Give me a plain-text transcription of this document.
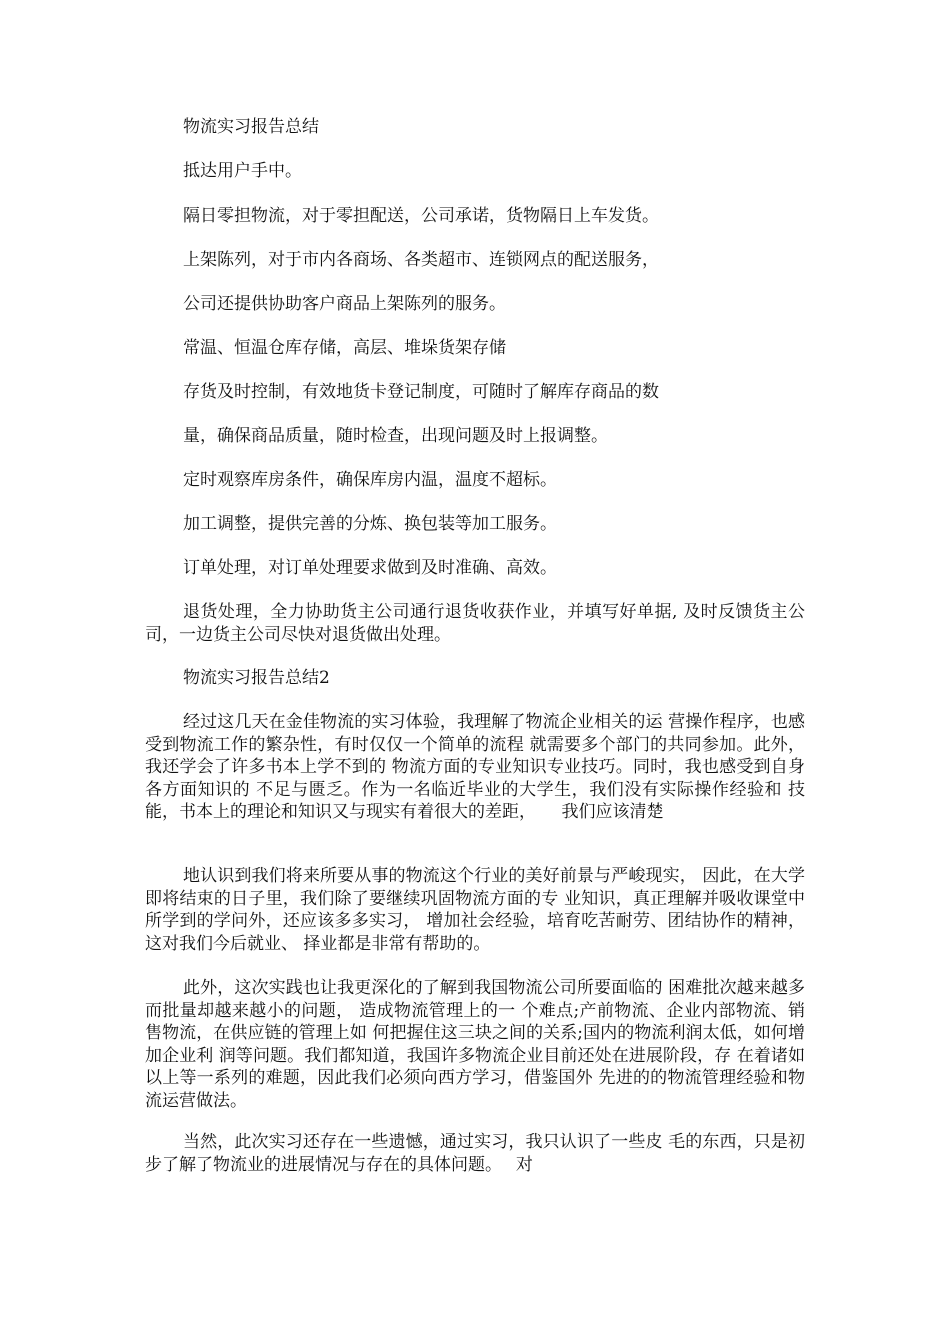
物流实习报告总结
抵达用户手中。
隔日零担物流，对于零担配送，公司承诺，货物隔日上车发货。
上架陈列，对于市内各商场、各类超市、连锁网点的配送服务，
公司还提供协助客户商品上架陈列的服务。
常温、恒温仓库存储，高层、堆垛货架存储
存货及时控制，有效地货卡登记制度，可随时了解库存商品的数
量，确保商品质量，随时检查，出现问题及时上报调整。
定时观察库房条件，确保库房内温，温度不超标。
加工调整，提供完善的分炼、换包装等加工服务。
订单处理，对订单处理要求做到及时准确、高效。
退货处理，全力协助货主公司通行退货收获作业，并填写好单据, 及时反馈货主公司，一边货主公司尽快对退货做出处理。
物流实习报告总结2
经过这几天在金佳物流的实习体验，我理解了物流企业相关的运 营操作程序，也感受到物流工作的繁杂性，有时仅仅一个简单的流程 就需要多个部门的共同参加。此外，我还学会了许多书本上学不到的 物流方面的专业知识专业技巧。同时，我也感受到自身各方面知识的 不足与匮乏。作为一名临近毕业的大学生，我们没有实际操作经验和 技能，书本上的理论和知识又与现实有着很大的差距，　　我们应该清楚
地认识到我们将来所要从事的物流这个行业的美好前景与严峻现实， 因此，在大学即将结束的日子里，我们除了要继续巩固物流方面的专 业知识，真正理解并吸收课堂中所学到的学问外，还应该多多实习， 增加社会经验，培育吃苦耐劳、团结协作的精神，这对我们今后就业、 择业都是非常有帮助的。
此外，这次实践也让我更深化的了解到我国物流公司所要面临的 困难批次越来越多而批量却越来越小的问题， 造成物流管理上的一 个难点;产前物流、企业内部物流、销售物流，在供应链的管理上如 何把握住这三块之间的关系;国内的物流利润太低，如何增加企业利 润等问题。我们都知道，我国许多物流企业目前还处在进展阶段，存 在着诸如以上等一系列的难题，因此我们必须向西方学习，借鉴国外 先进的的物流管理经验和物流运营做法。
当然，此次实习还存在一些遗憾，通过实习，我只认识了一些皮 毛的东西，只是初步了解了物流业的进展情况与存在的具体问题。　 对
